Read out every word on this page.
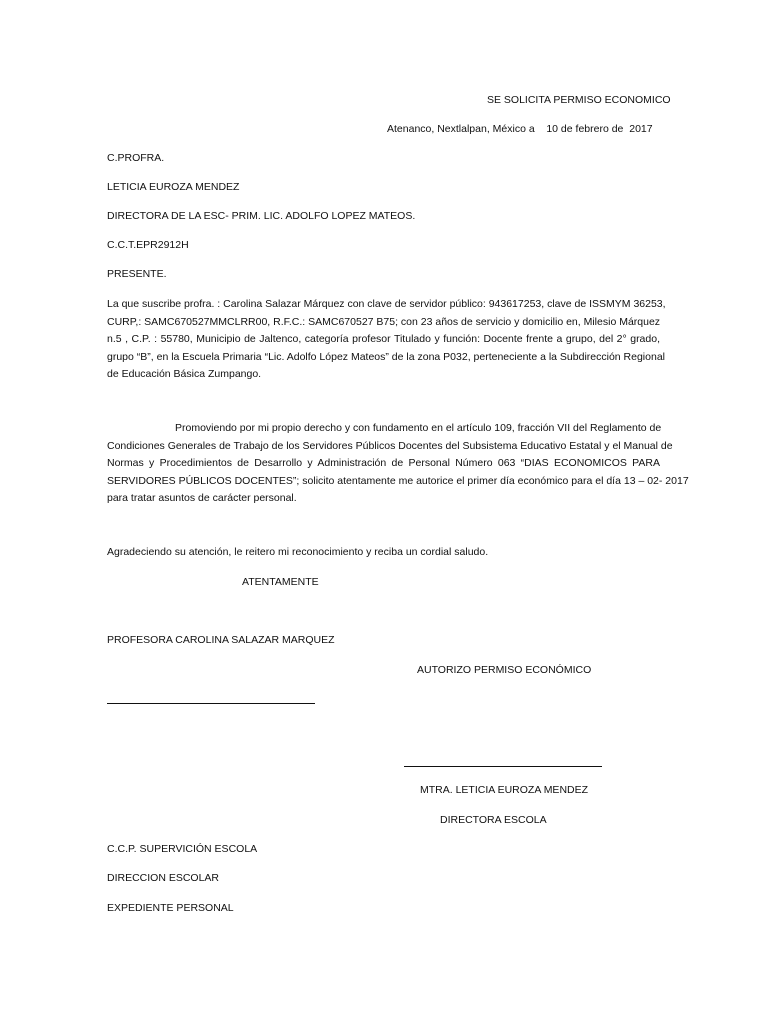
SE SOLICITA PERMISO ECONOMICO
Atenanco, Nextlalpan, México a    10 de febrero de  2017
C.PROFRA.
LETICIA EUROZA MENDEZ
DIRECTORA DE LA ESC- PRIM. LIC. ADOLFO LOPEZ MATEOS.
C.C.T.EPR2912H
PRESENTE.
La que suscribe profra. : Carolina Salazar Márquez con clave de servidor público: 943617253, clave de ISSMYM 36253,
CURP,: SAMC670527MMCLRR00, R.F.C.: SAMC670527 B75; con 23 años de servicio y domicilio en, Milesio Márquez
n.5 , C.P. : 55780, Municipio de Jaltenco, categoría profesor Titulado y función: Docente frente a grupo, del 2° grado,
grupo “B”, en la Escuela Primaria “Lic. Adolfo López Mateos” de la zona P032, perteneciente a la Subdirección Regional
de Educación Básica Zumpango.
Promoviendo por mi propio derecho y con fundamento en el artículo 109, fracción VII del Reglamento de
Condiciones Generales de Trabajo de los Servidores Públicos Docentes del Subsistema Educativo Estatal y el Manual de
Normas y Procedimientos de Desarrollo y Administración de Personal Número 063 “DIAS ECONOMICOS PARA
SERVIDORES PÚBLICOS DOCENTES”; solicito atentamente me autorice el primer día económico para el día 13 – 02- 2017
para tratar asuntos de carácter personal.
Agradeciendo su atención, le reitero mi reconocimiento y reciba un cordial saludo.
ATENTAMENTE
PROFESORA CAROLINA SALAZAR MARQUEZ
AUTORIZO PERMISO ECONÓMICO
MTRA. LETICIA EUROZA MENDEZ
DIRECTORA ESCOLA
C.C.P. SUPERVICIÓN ESCOLA
DIRECCION ESCOLAR
EXPEDIENTE PERSONAL
